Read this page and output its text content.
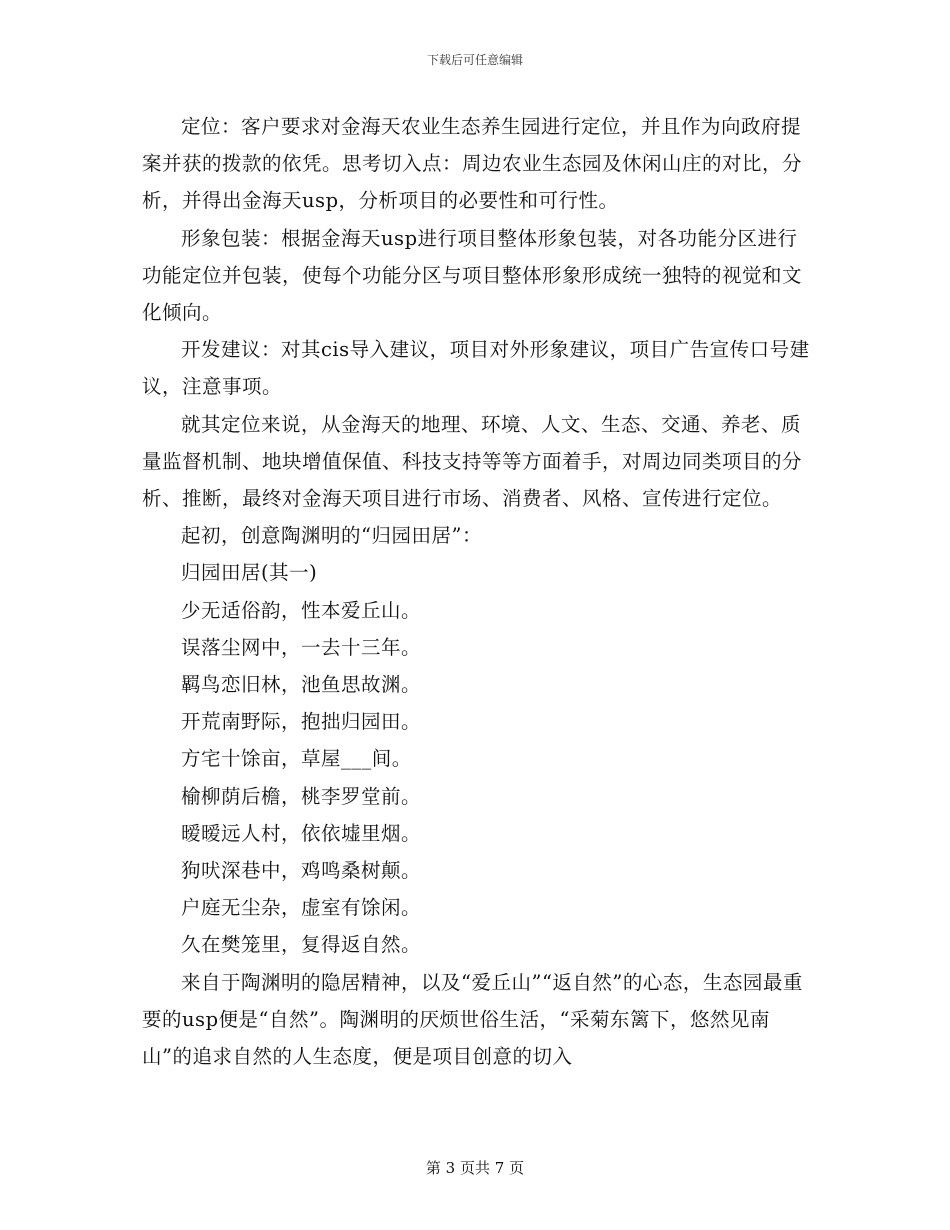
下载后可任意编辑

定位：客户要求对金海天农业生态养生园进行定位，并且作为向政府提案并获的拨款的依凭。思考切入点：周边农业生态园及休闲山庄的对比，分析，并得出金海天usp，分析项目的必要性和可行性。

形象包装：根据金海天usp进行项目整体形象包装，对各功能分区进行功能定位并包装，使每个功能分区与项目整体形象形成统一独特的视觉和文化倾向。

开发建议：对其cis导入建议，项目对外形象建议，项目广告宣传口号建议，注意事项。

就其定位来说，从金海天的地理、环境、人文、生态、交通、养老、质量监督机制、地块增值保值、科技支持等等方面着手，对周边同类项目的分析、推断，最终对金海天项目进行市场、消费者、风格、宣传进行定位。

起初，创意陶渊明的“归园田居”：

归园田居(其一)

少无适俗韵，性本爱丘山。

误落尘网中，一去十三年。

羁鸟恋旧林，池鱼思故渊。

开荒南野际，抱拙归园田。

方宅十馀亩，草屋___间。

榆柳荫后檐，桃李罗堂前。

暧暧远人村，依依墟里烟。

狗吠深巷中，鸡鸣桑树颠。

户庭无尘杂，虚室有馀闲。

久在樊笼里，复得返自然。

来自于陶渊明的隐居精神，以及“爱丘山”“返自然”的心态，生态园最重要的usp便是“自然”。陶渊明的厌烦世俗生活，“采菊东篱下，悠然见南山”的追求自然的人生态度，便是项目创意的切入

第 3 页共 7 页
